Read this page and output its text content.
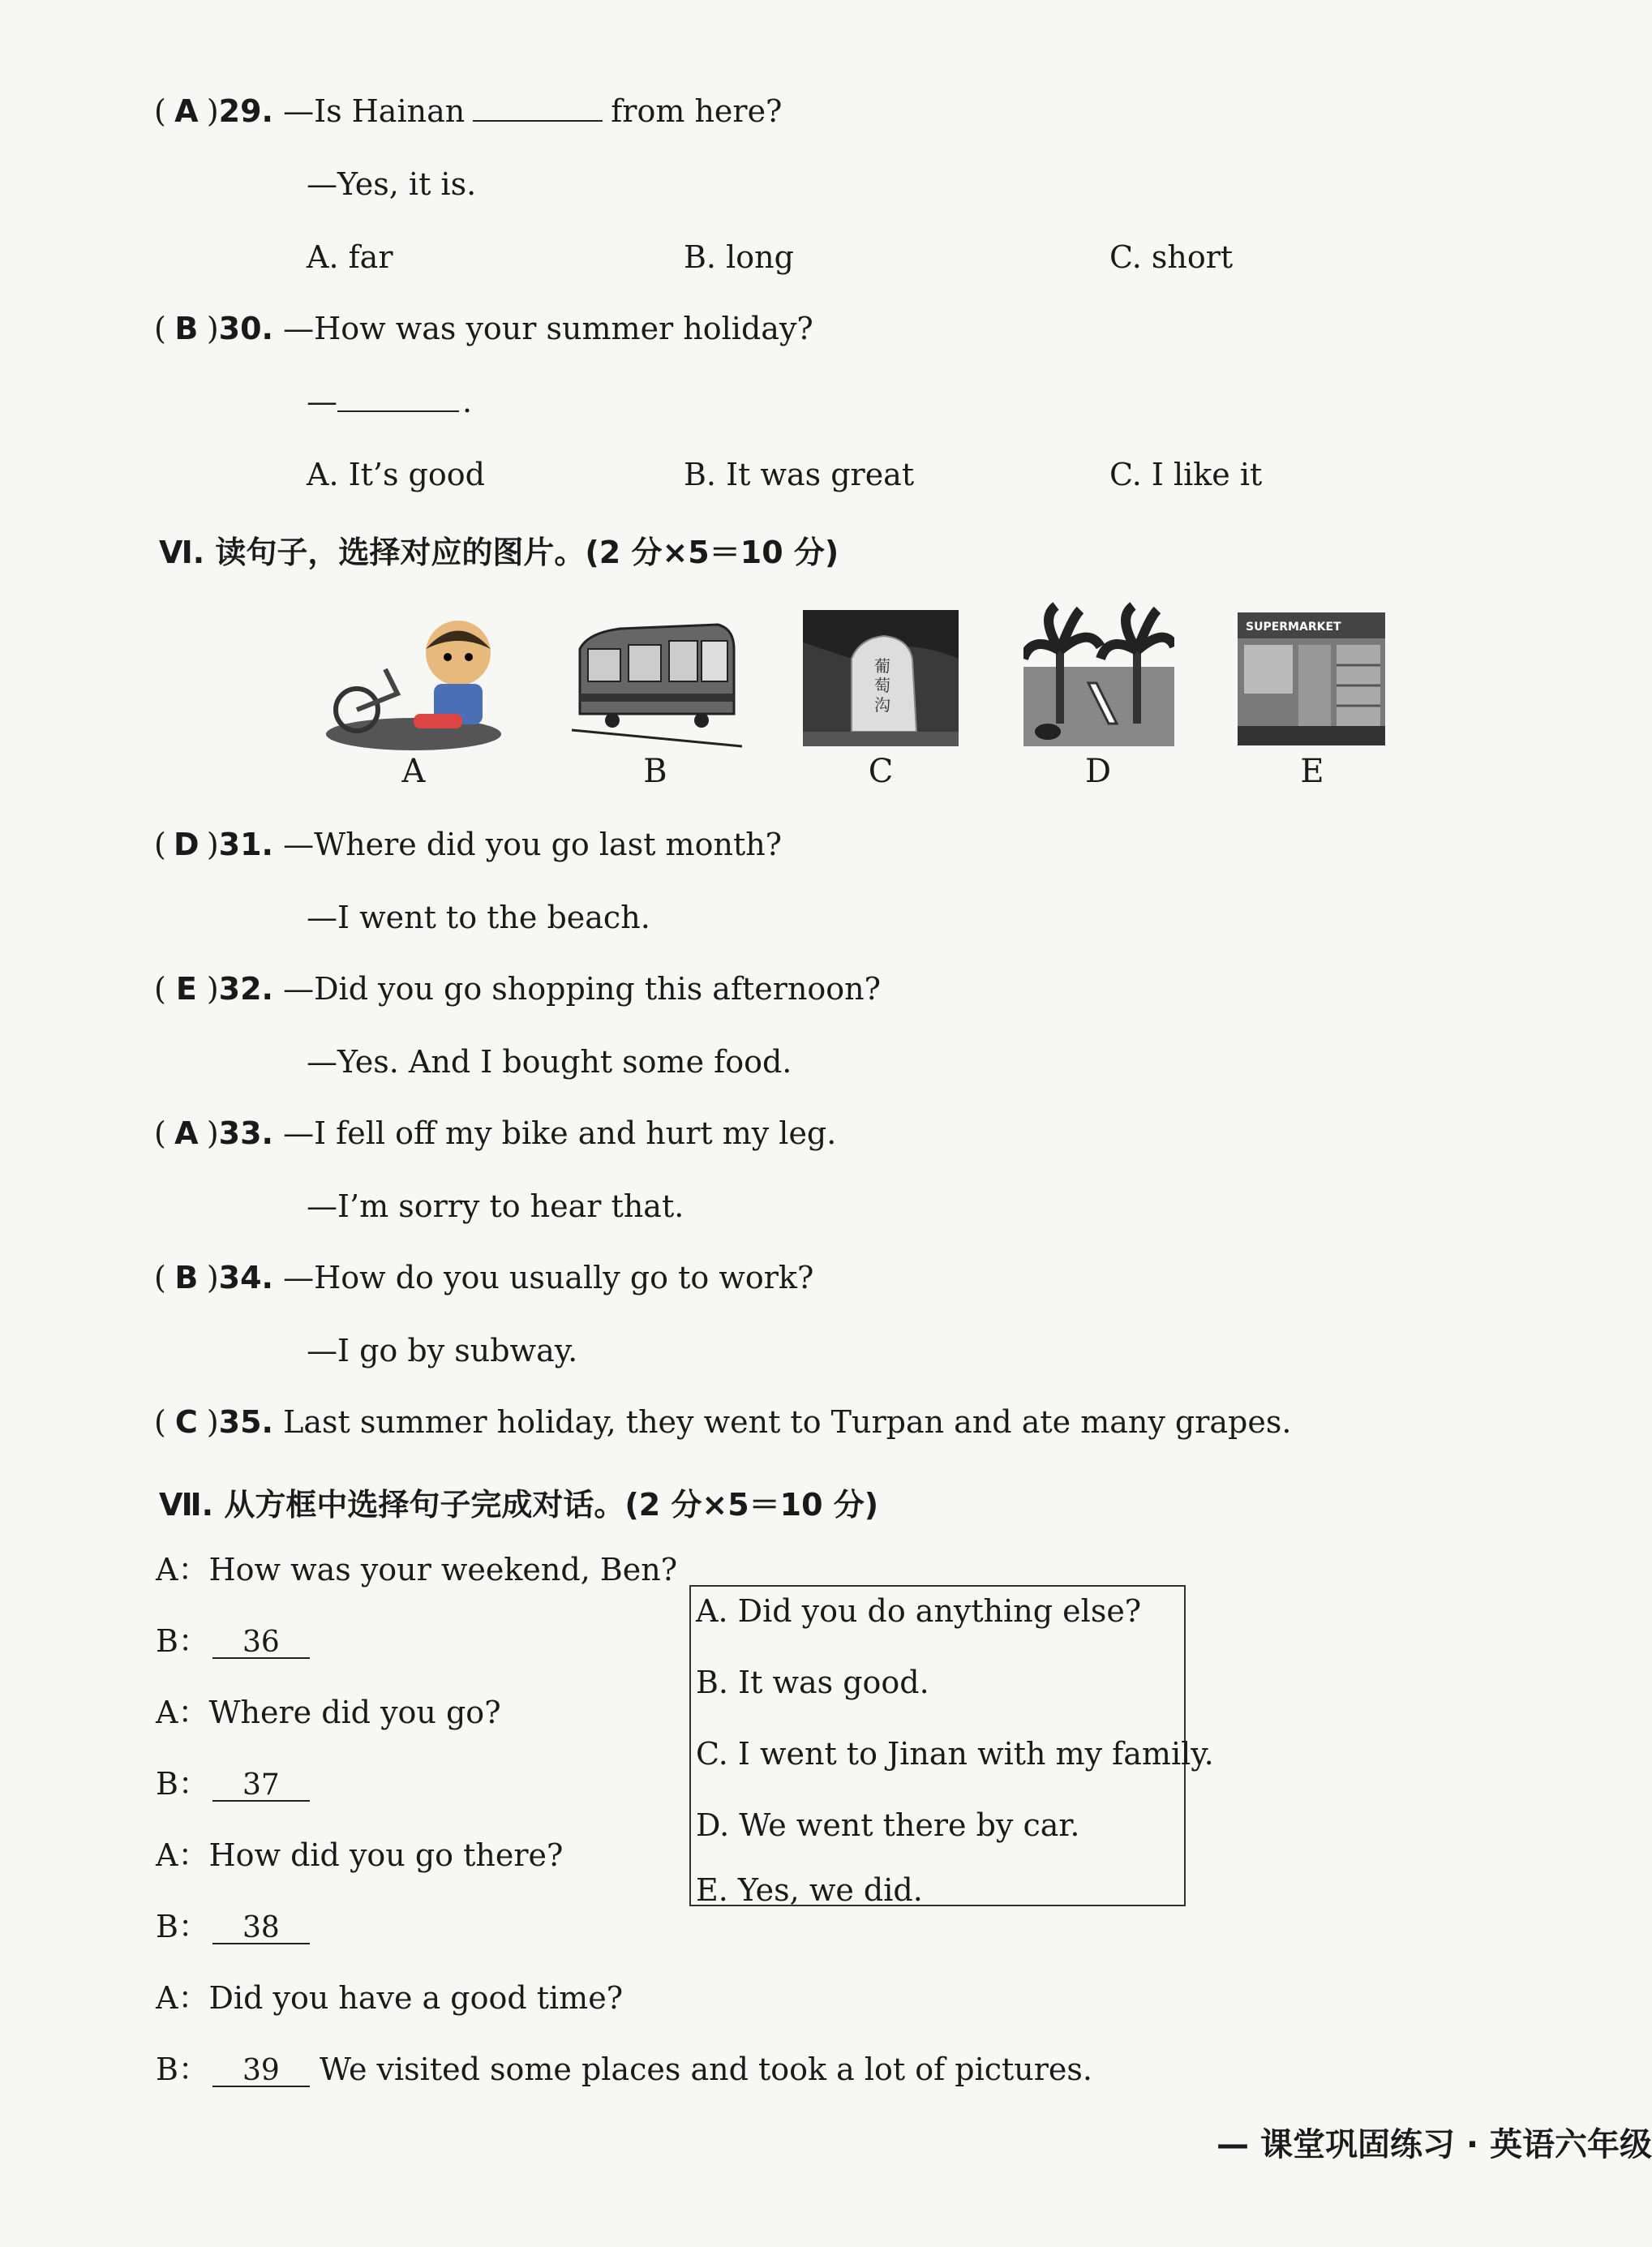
( A )29. —Is Hainan	from here?
—Yes, it is.
A. far	B. long	C. short
( B )30. —How was your summer holiday?
—	.
A. It’s good	B. It was great	C. I like it
Ⅵ. 读句子，选择对应的图片。(2 分×5＝10 分)
葡
萄
沟
SUPERMARKET
A	B	C	D	E
( D )31. —Where did you go last month?
—I went to the beach.
( E )32. —Did you go shopping this afternoon?
—Yes. And I bought some food.
( A )33. —I fell off my bike and hurt my leg.
—I’m sorry to hear that.
( B )34. —How do you usually go to work?
—I go by subway.
( C )35. Last summer holiday, they went to Turpan and ate many grapes.
Ⅶ. 从方框中选择句子完成对话。(2 分×5＝10 分)
A：How was your weekend, Ben?
B： 36
A：Where did you go?
B： 37
A：How did you go there?
B： 38
A：Did you have a good time?
B： 39 We visited some places and took a lot of pictures.
A. Did you do anything else?
B. It was good.
C. I went to Jinan with my family.
D. We went there by car.
E. Yes, we did.
— 课堂巩固练习 · 英语六年级
